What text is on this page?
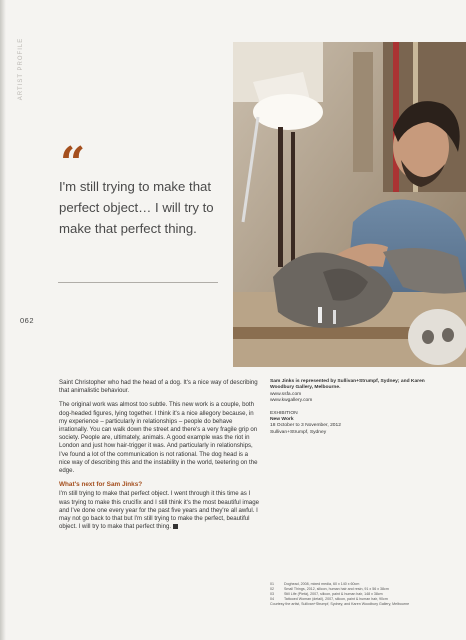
ARTIST PROFILE
“
I'm still trying to make that perfect object… I will try to make that perfect thing.
062

Saint Christopher who had the head of a dog. It's a nice way of describing that animalistic behaviour.

The original work was almost too subtle. This new work is a couple, both dog-headed figures, lying together. I think it's a nice allegory because, in my experience – particularly in relationships – people do behave irrationally. You can walk down the street and there's a very fragile grip on society. People are, ultimately, animals. A good example was the riot in London and just how hair-trigger it was. And particularly in relationships, I've found a lot of the communication is not rational. The dog head is a nice way of describing this and the instability in the world, teetering on the edge.

What's next for Sam Jinks?

I'm still trying to make that perfect object. I went through it this time as I was trying to make this crucifix and I still think it's the most beautiful image and I've done one every year for the past five years and they're all awful. I may not go back to that but I'm still trying to make the perfect, beautiful object. I will try to make that perfect thing.

Sam Jinks is represented by Sullivan+Strumpf, Sydney; and Karen Woodbury Gallery, Melbourne.
www.ssfa.com
www.kwgallery.com
EXHIBITION
New Work
18 October to 3 November, 2012
Sullivan+Strumpf, Sydney
01	Doghead, 2008, mixed media, 60 x 140 x 60cm
02	Small Things, 2012, silicon, human hair and resin, 91 x 56 x 38cm
03	Still Life (Pietà), 2007, silicon, paint & human hair, 148 x 38cm
04	Tattooed Woman (detail), 2007, silicon, paint & human hair, 90cm
Courtesy the artist, Sullivan+Strumpf, Sydney, and Karen Woodbury Gallery, Melbourne
